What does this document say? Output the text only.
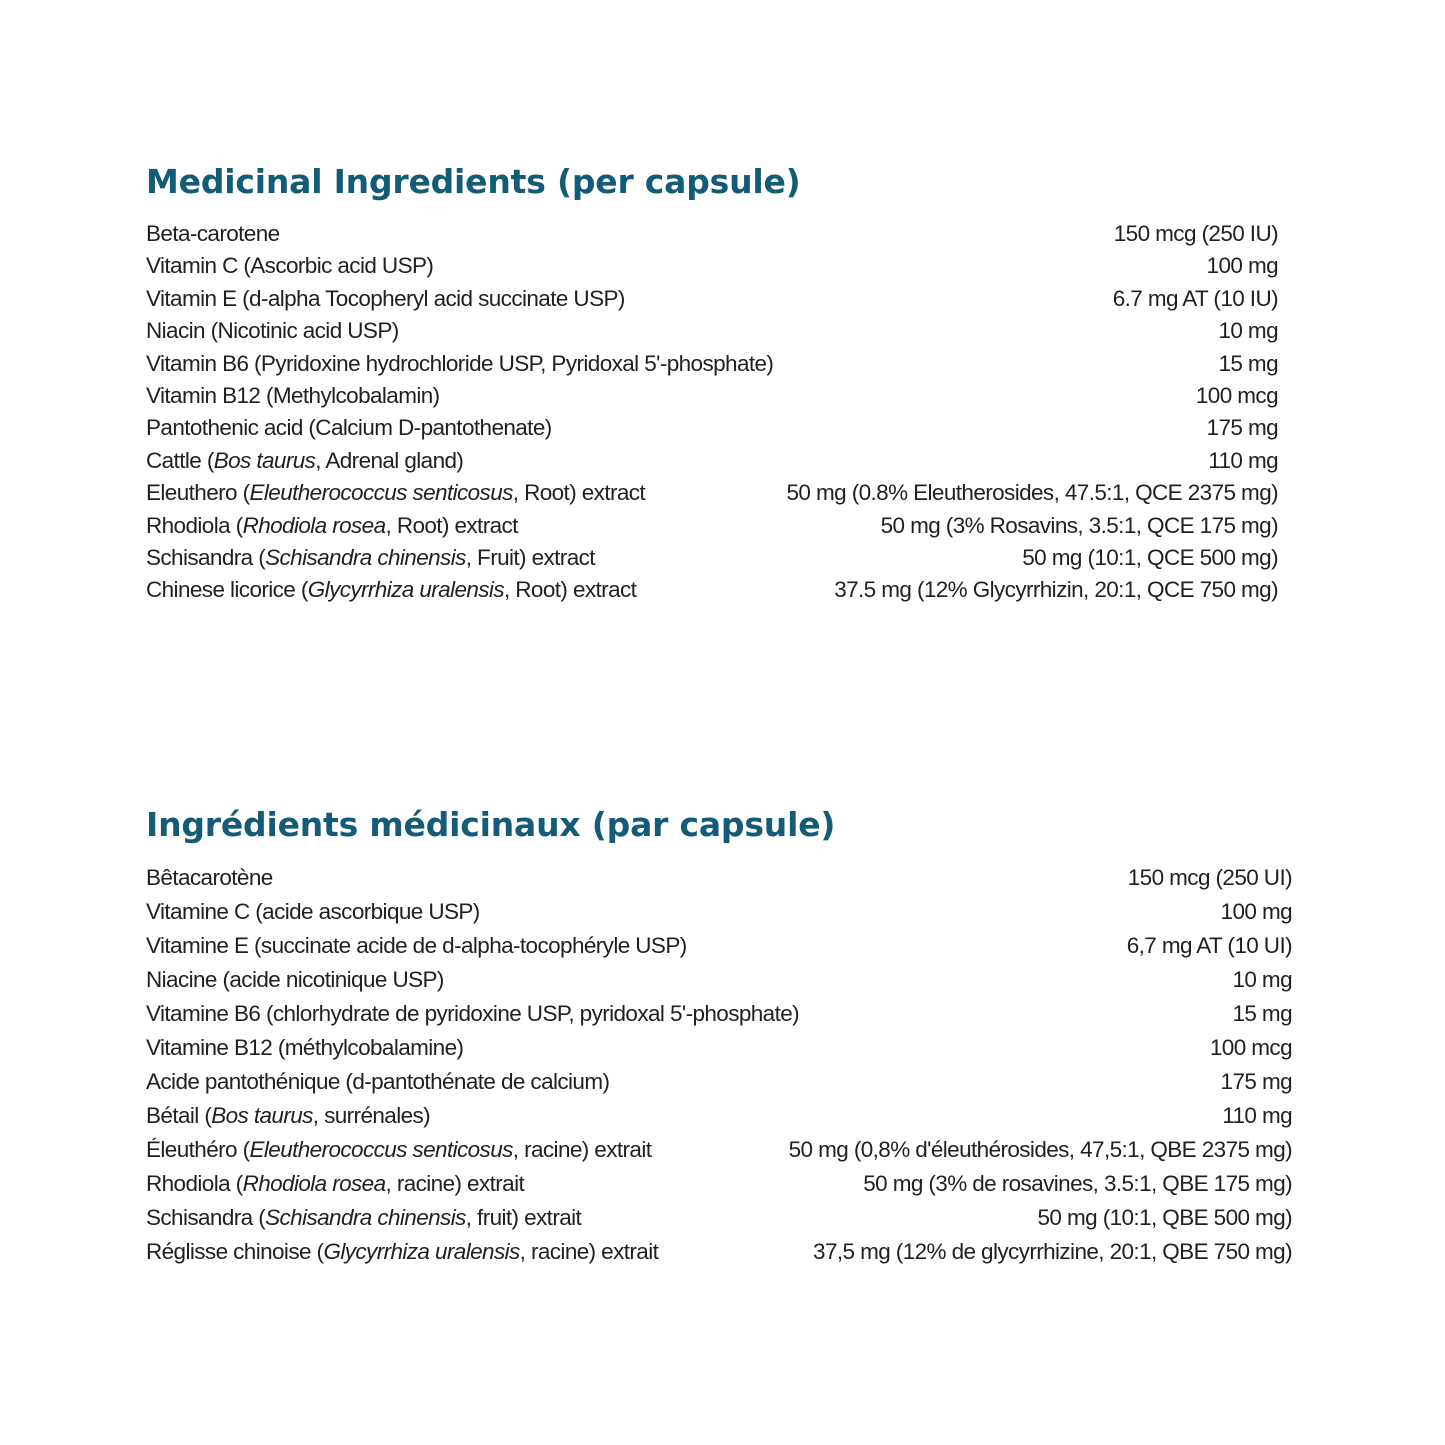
Medicinal Ingredients (per capsule)
Beta-carotene	150 mcg (250 IU)
Vitamin C (Ascorbic acid USP)	100 mg
Vitamin E (d-alpha Tocopheryl acid succinate USP)	6.7 mg AT (10 IU)
Niacin (Nicotinic acid USP)	10 mg
Vitamin B6 (Pyridoxine hydrochloride USP, Pyridoxal 5'-phosphate)	15 mg
Vitamin B12 (Methylcobalamin)	100 mcg
Pantothenic acid (Calcium D-pantothenate)	175 mg
Cattle (Bos taurus, Adrenal gland)	110 mg
Eleuthero (Eleutherococcus senticosus, Root) extract	50 mg (0.8% Eleutherosides, 47.5:1, QCE 2375 mg)
Rhodiola (Rhodiola rosea, Root) extract	50 mg (3% Rosavins, 3.5:1, QCE 175 mg)
Schisandra (Schisandra chinensis, Fruit) extract	50 mg (10:1, QCE 500 mg)
Chinese licorice (Glycyrrhiza uralensis, Root) extract	37.5 mg (12% Glycyrrhizin, 20:1, QCE 750 mg)
Ingrédients médicinaux (par capsule)
Bêtacarotène	150 mcg (250 UI)
Vitamine C (acide ascorbique USP)	100 mg
Vitamine E (succinate acide de d-alpha-tocophéryle USP)	6,7 mg AT (10 UI)
Niacine (acide nicotinique USP)	10 mg
Vitamine B6 (chlorhydrate de pyridoxine USP, pyridoxal 5'-phosphate)	15 mg
Vitamine B12 (méthylcobalamine)	100 mcg
Acide pantothénique (d-pantothénate de calcium)	175 mg
Bétail (Bos taurus, surrénales)	110 mg
Éleuthéro (Eleutherococcus senticosus, racine) extrait	50 mg (0,8% d'éleuthérosides, 47,5:1, QBE 2375 mg)
Rhodiola (Rhodiola rosea, racine) extrait	50 mg (3% de rosavines, 3.5:1, QBE 175 mg)
Schisandra (Schisandra chinensis, fruit) extrait	50 mg (10:1, QBE 500 mg)
Réglisse chinoise (Glycyrrhiza uralensis, racine) extrait	37,5 mg (12% de glycyrrhizine, 20:1, QBE 750 mg)
